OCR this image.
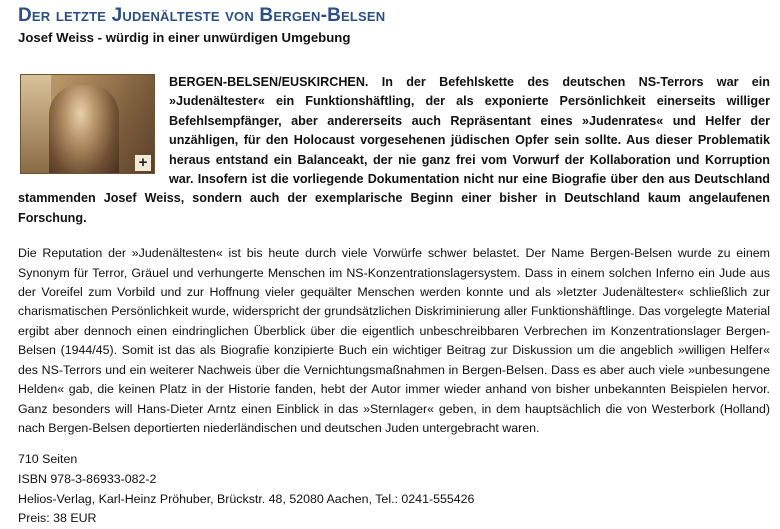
Der letzte Judenälteste von Bergen-Belsen
Josef Weiss - würdig in einer unwürdigen Umgebung
+
BERGEN-BELSEN/EUSKIRCHEN. In der Befehlskette des deutschen NS-Terrors war ein »Judenältester« ein Funktionshäftling, der als exponierte Persönlichkeit einerseits williger Befehlsempfänger, aber andererseits auch Repräsentant eines »Judenrates« und Helfer der unzähligen, für den Holocaust vorgesehenen jüdischen Opfer sein sollte. Aus dieser Problematik heraus entstand ein Balanceakt, der nie ganz frei vom Vorwurf der Kollaboration und Korruption war. Insofern ist die vorliegende Dokumentation nicht nur eine Biografie über den aus Deutschland stammenden Josef Weiss, sondern auch der exemplarische Beginn einer bisher in Deutschland kaum angelaufenen Forschung.
Die Reputation der »Judenältesten« ist bis heute durch viele Vorwürfe schwer belastet. Der Name Bergen-Belsen wurde zu einem Synonym für Terror, Gräuel und verhungerte Menschen im NS-Konzentrationslagersystem. Dass in einem solchen Inferno ein Jude aus der Voreifel zum Vorbild und zur Hoffnung vieler gequälter Menschen werden konnte und als »letzter Judenältester« schließlich zur charismatischen Persönlichkeit wurde, widerspricht der grundsätzlichen Diskriminierung aller Funktionshäftlinge. Das vorgelegte Material ergibt aber dennoch einen eindringlichen Überblick über die eigentlich unbeschreibbaren Verbrechen im Konzentrationslager Bergen-Belsen (1944/45). Somit ist das als Biografie konzipierte Buch ein wichtiger Beitrag zur Diskussion um die angeblich »willigen Helfer« des NS-Terrors und ein weiterer Nachweis über die Vernichtungsmaßnahmen in Bergen-Belsen. Dass es aber auch viele »unbesungene Helden« gab, die keinen Platz in der Historie fanden, hebt der Autor immer wieder anhand von bisher unbekannten Beispielen hervor. Ganz besonders will Hans-Dieter Arntz einen Einblick in das »Sternlager« geben, in dem hauptsächlich die von Westerbork (Holland) nach Bergen-Belsen deportierten niederländischen und deutschen Juden untergebracht waren.
710 Seiten
ISBN 978-3-86933-082-2
Helios-Verlag, Karl-Heinz Pröhuber, Brückstr. 48, 52080 Aachen, Tel.: 0241-555426
Preis: 38 EUR
